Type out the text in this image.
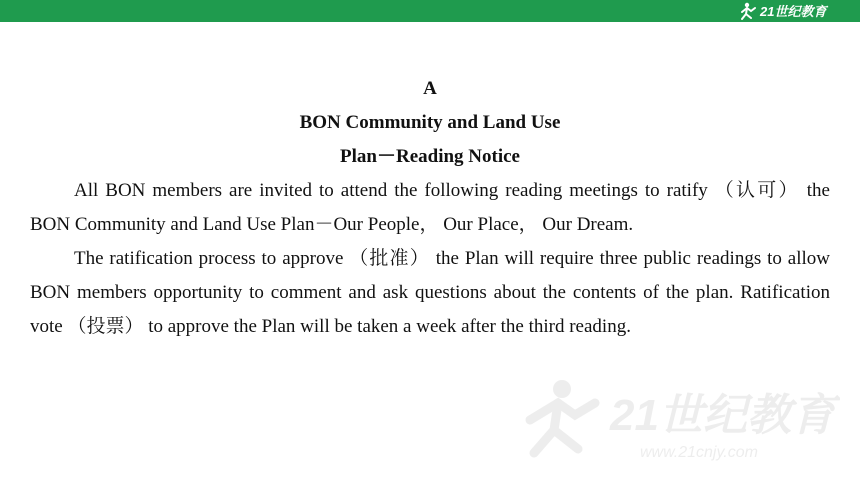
21世纪教育
A
BON Community and Land Use
Plan－Reading Notice

All BON members are invited to attend the following reading meetings to ratify （认可） the BON Community and Land Use Plan－Our People， Our Place， Our Dream.

The ratification process to approve （批准） the Plan will require three public readings to allow BON members opportunity to comment and ask questions about the contents of the plan. Ratification vote （投票） to approve the Plan will be taken a week after the third reading.

21世纪教育
www.21cnjy.com
